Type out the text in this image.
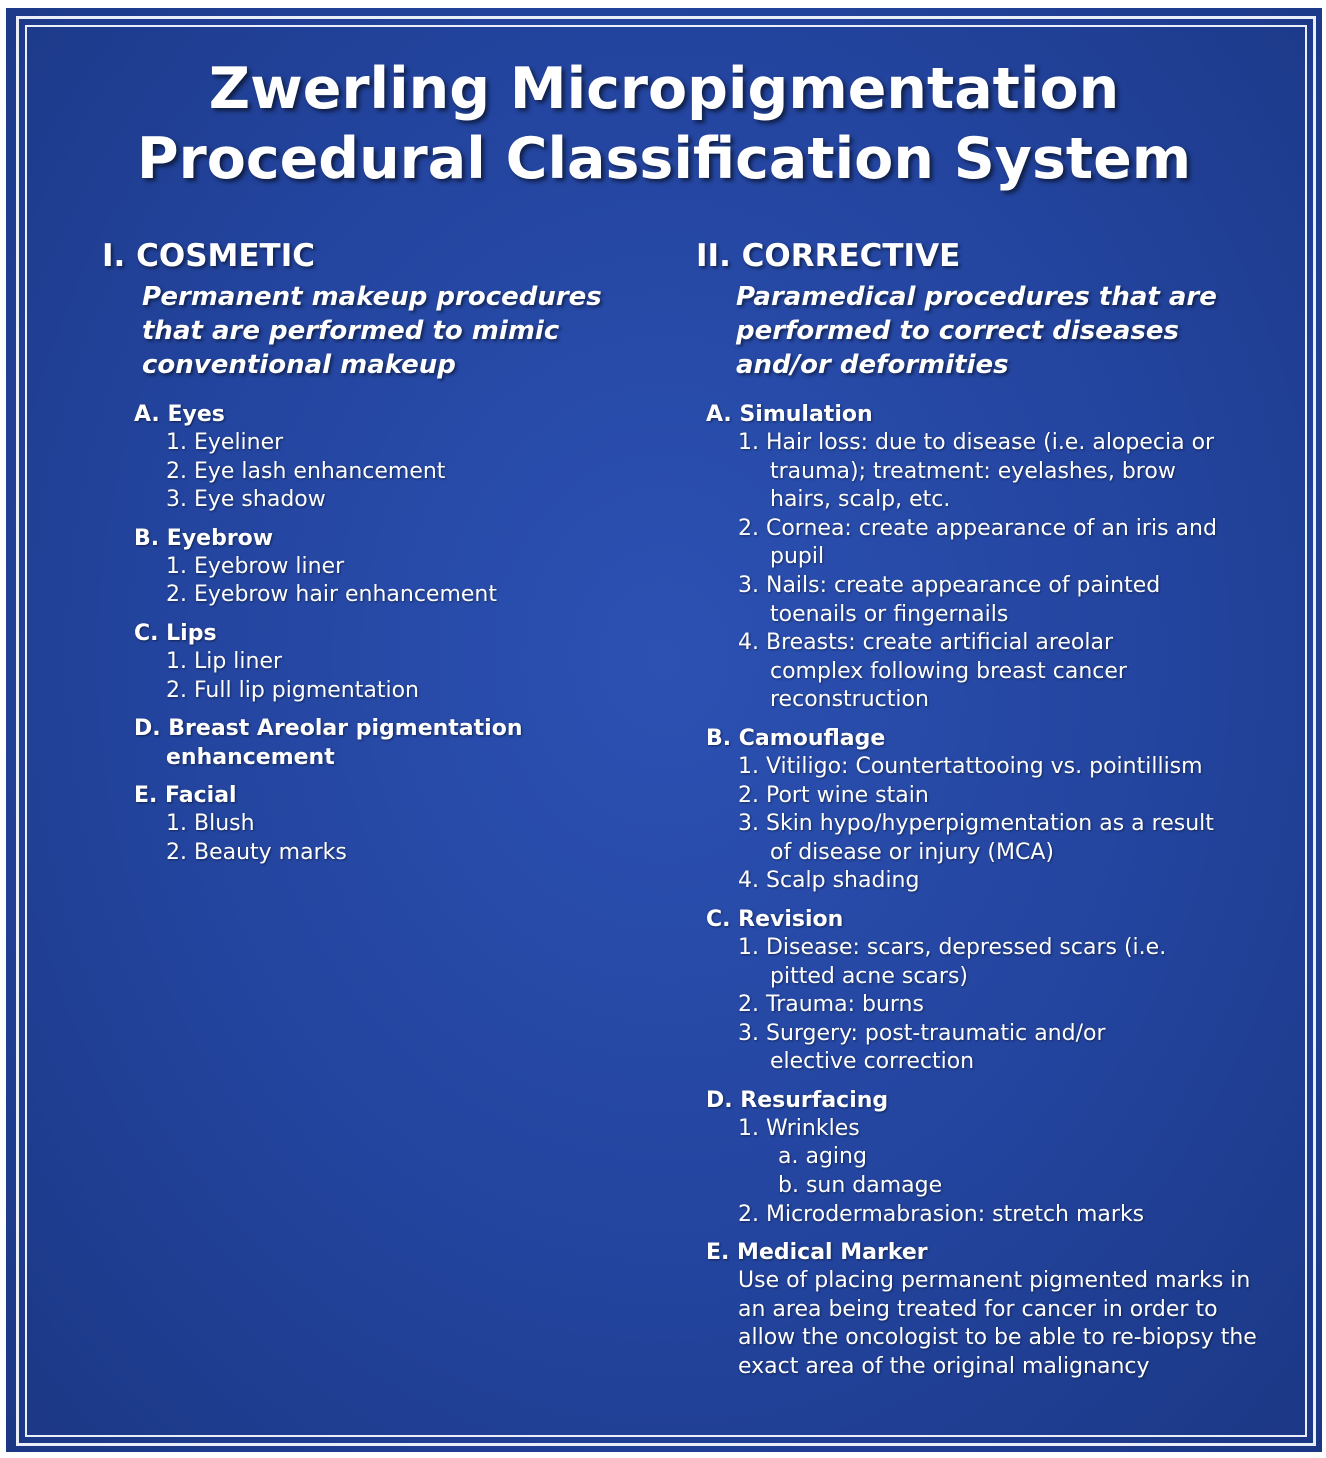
Zwerling Micropigmentation
Procedural Classification System
I. COSMETIC
Permanent makeup procedures that are performed to mimic conventional makeup
A. Eyes
1. Eyeliner
2. Eye lash enhancement
3. Eye shadow
B. Eyebrow
1. Eyebrow liner
2. Eyebrow hair enhancement
C. Lips
1. Lip liner
2. Full lip pigmentation
D. Breast Areolar pigmentation enhancement
E. Facial
1. Blush
2. Beauty marks
II. CORRECTIVE
Paramedical procedures that are performed to correct diseases and/or deformities
A. Simulation
1. Hair loss: due to disease (i.e. alopecia or trauma); treatment: eyelashes, brow hairs, scalp, etc.
2. Cornea: create appearance of an iris and pupil
3. Nails: create appearance of painted toenails or fingernails
4. Breasts: create artificial areolar complex following breast cancer reconstruction
B. Camouflage
1. Vitiligo: Countertattooing vs. pointillism
2. Port wine stain
3. Skin hypo/hyperpigmentation as a result of disease or injury (MCA)
4. Scalp shading
C. Revision
1. Disease: scars, depressed scars (i.e. pitted acne scars)
2. Trauma: burns
3. Surgery: post-traumatic and/or elective correction
D. Resurfacing
1. Wrinkles
a. aging
b. sun damage
2. Microdermabrasion: stretch marks
E. Medical Marker
Use of placing permanent pigmented marks in an area being treated for cancer in order to allow the oncologist to be able to re-biopsy the exact area of the original malignancy
